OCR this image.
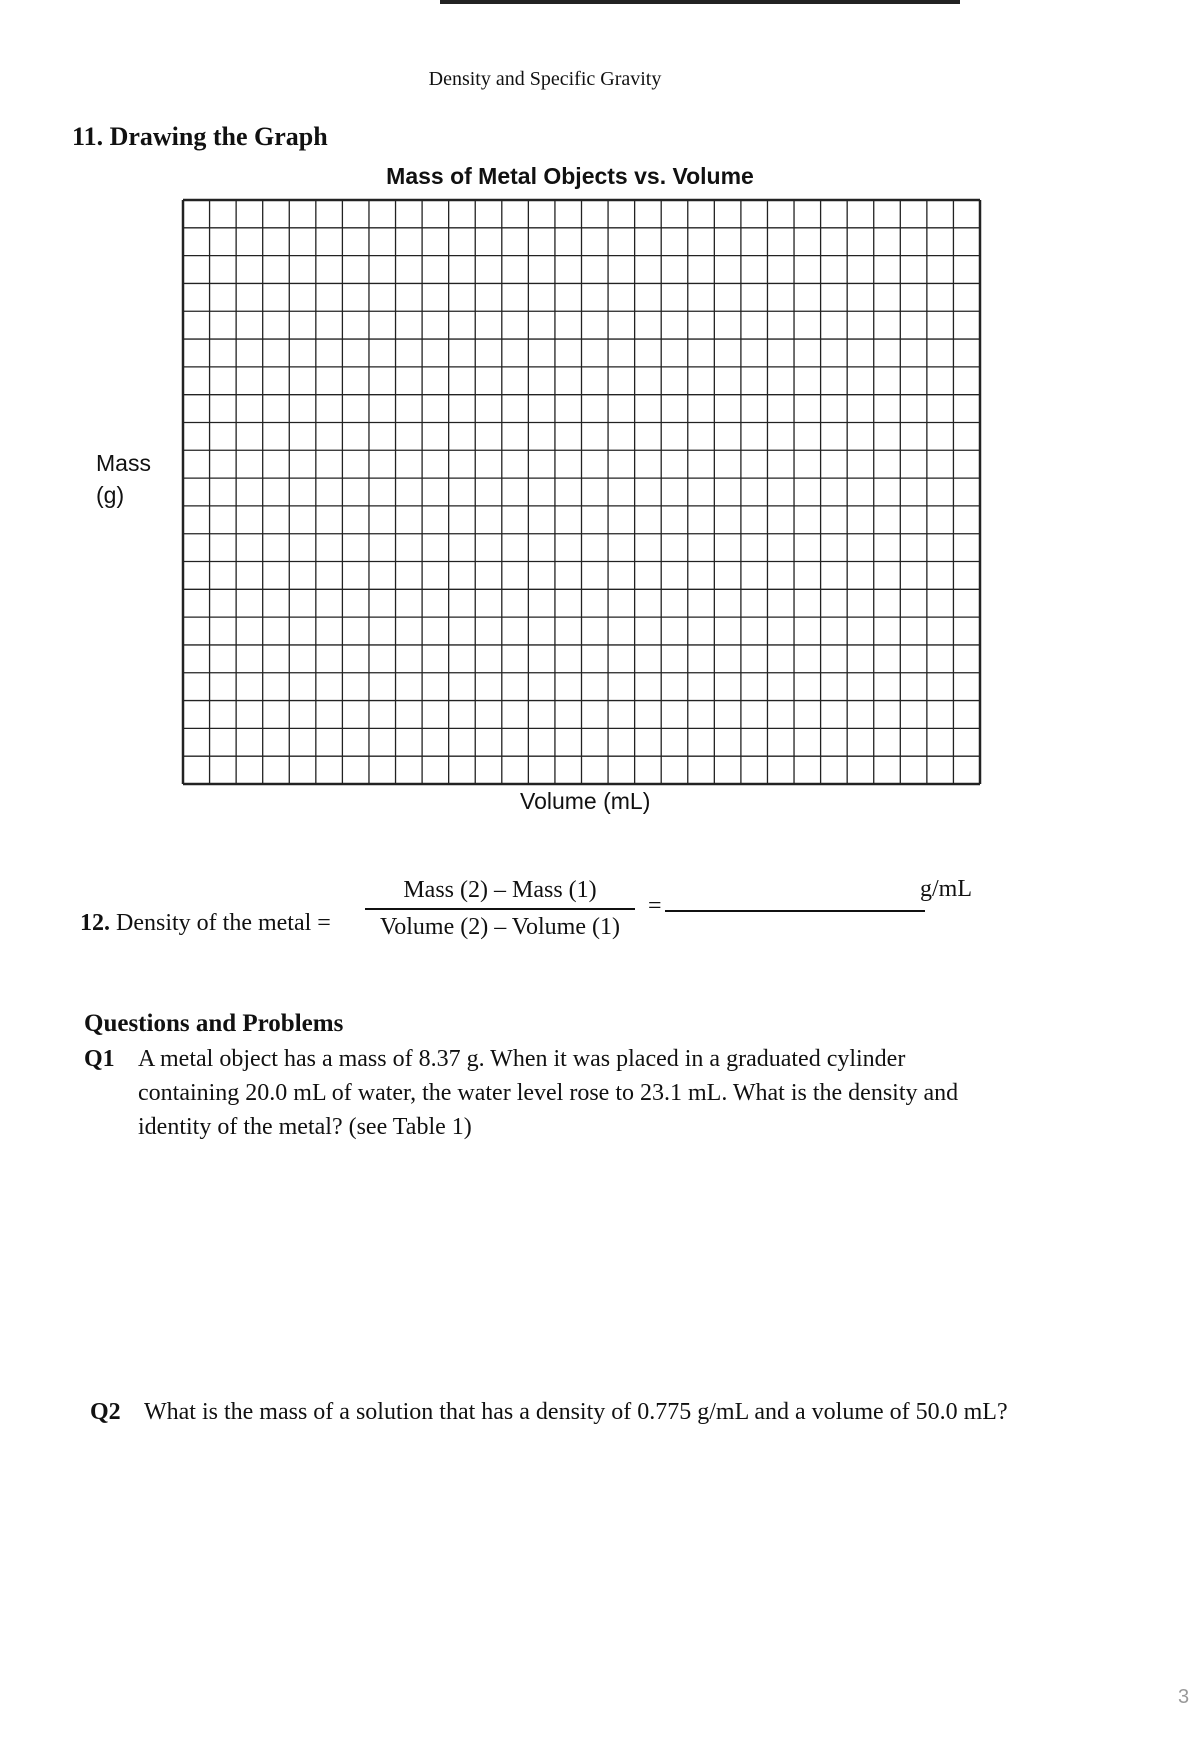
Density and Specific Gravity
11. Drawing the Graph
Mass of Metal Objects vs. Volume
Mass
(g)
Volume (mL)
12. Density of the metal =
Mass (2) – Mass (1)
Volume (2) – Volume (1)
=
g/mL
Questions and Problems
Q1 A metal object has a mass of 8.37 g. When it was placed in a graduated cylinder containing 20.0 mL of water, the water level rose to 23.1 mL. What is the density and identity of the metal? (see Table 1)
Q2 What is the mass of a solution that has a density of 0.775 g/mL and a volume of 50.0 mL?
3
